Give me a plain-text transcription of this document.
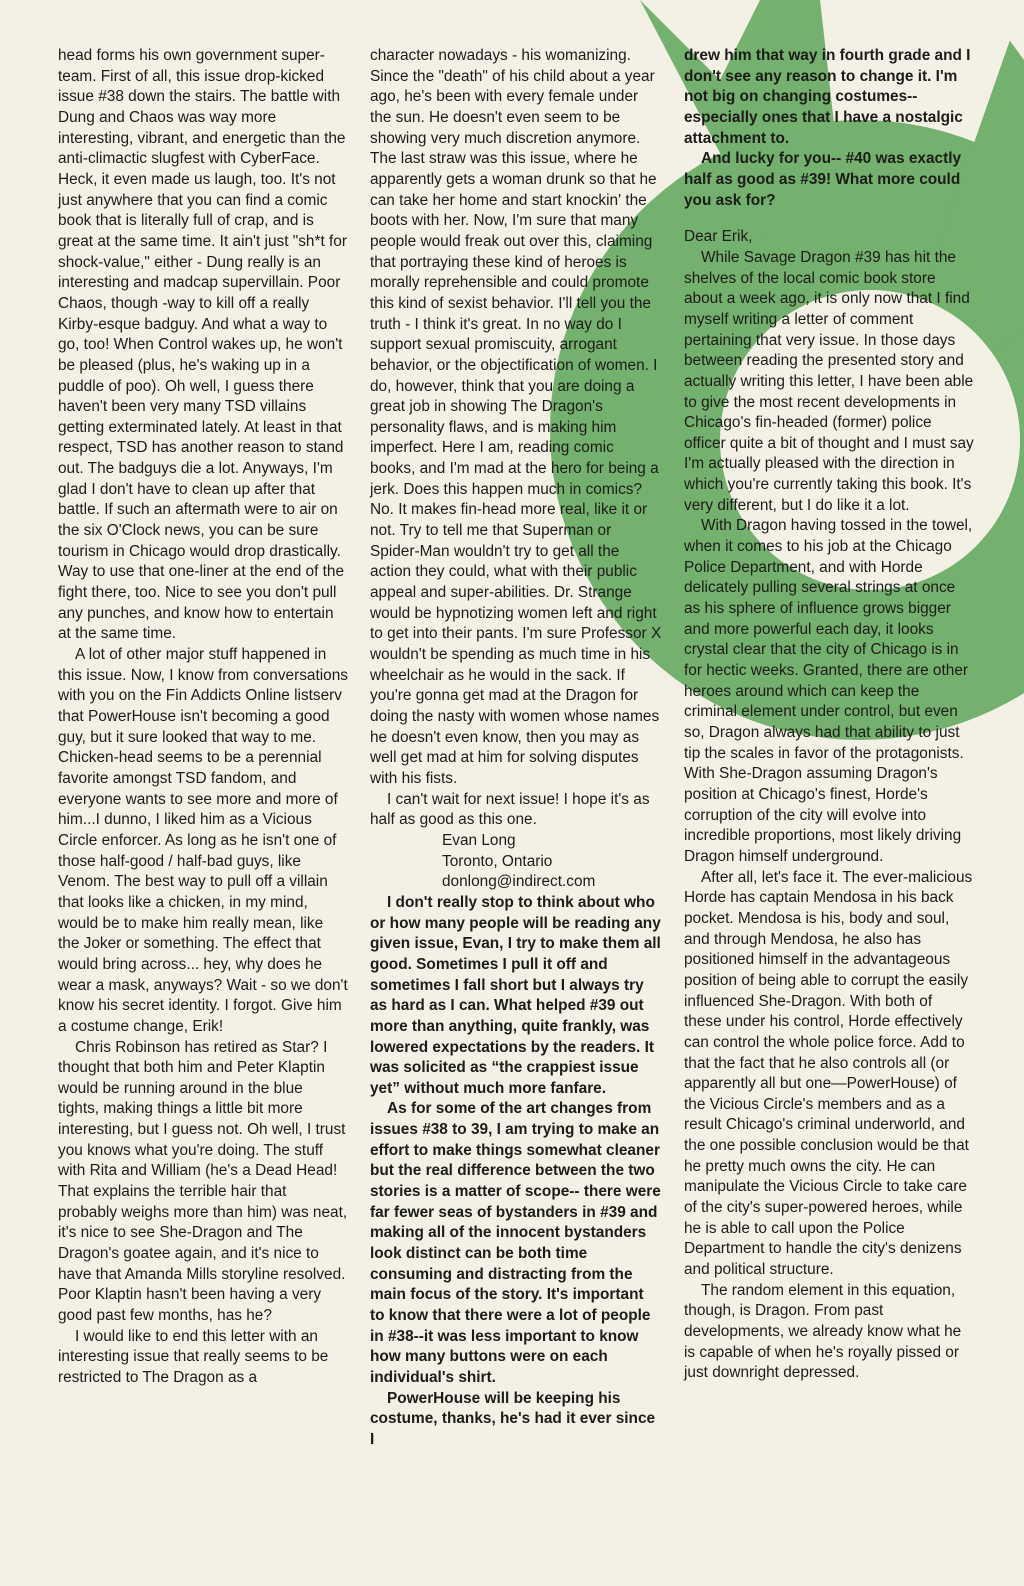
head forms his own government super-team. First of all, this issue drop-kicked issue #38 down the stairs. The battle with Dung and Chaos was way more interesting, vibrant, and energetic than the anti-climactic slugfest with CyberFace. Heck, it even made us laugh, too. It's not just anywhere that you can find a comic book that is literally full of crap, and is great at the same time. It ain't just "sh*t for shock-value," either - Dung really is an interesting and madcap supervillain. Poor Chaos, though -way to kill off a really Kirby-esque badguy. And what a way to go, too! When Control wakes up, he won't be pleased (plus, he's waking up in a puddle of poo). Oh well, I guess there haven't been very many TSD villains getting exterminated lately. At least in that respect, TSD has another reason to stand out. The badguys die a lot. Anyways, I'm glad I don't have to clean up after that battle. If such an aftermath were to air on the six O'Clock news, you can be sure tourism in Chicago would drop drastically. Way to use that one-liner at the end of the fight there, too. Nice to see you don't pull any punches, and know how to entertain at the same time.

A lot of other major stuff happened in this issue. Now, I know from conversations with you on the Fin Addicts Online listserv that PowerHouse isn't becoming a good guy, but it sure looked that way to me. Chicken-head seems to be a perennial favorite amongst TSD fandom, and everyone wants to see more and more of him...I dunno, I liked him as a Vicious Circle enforcer. As long as he isn't one of those half-good / half-bad guys, like Venom. The best way to pull off a villain that looks like a chicken, in my mind, would be to make him really mean, like the Joker or something. The effect that would bring across... hey, why does he wear a mask, anyways? Wait - so we don't know his secret identity. I forgot. Give him a costume change, Erik!

Chris Robinson has retired as Star? I thought that both him and Peter Klaptin would be running around in the blue tights, making things a little bit more interesting, but I guess not. Oh well, I trust you knows what you're doing. The stuff with Rita and William (he's a Dead Head! That explains the terrible hair that probably weighs more than him) was neat, it's nice to see She-Dragon and The Dragon's goatee again, and it's nice to have that Amanda Mills storyline resolved. Poor Klaptin hasn't been having a very good past few months, has he?

I would like to end this letter with an interesting issue that really seems to be restricted to The Dragon as a

character nowadays - his womanizing. Since the "death" of his child about a year ago, he's been with every female under the sun. He doesn't even seem to be showing very much discretion anymore. The last straw was this issue, where he apparently gets a woman drunk so that he can take her home and start knockin' the boots with her. Now, I'm sure that many people would freak out over this, claiming that portraying these kind of heroes is morally reprehensible and could promote this kind of sexist behavior. I'll tell you the truth - I think it's great. In no way do I support sexual promiscuity, arrogant behavior, or the objectification of women. I do, however, think that you are doing a great job in showing The Dragon's personality flaws, and is making him imperfect. Here I am, reading comic books, and I'm mad at the hero for being a jerk. Does this happen much in comics? No. It makes fin-head more real, like it or not. Try to tell me that Superman or Spider-Man wouldn't try to get all the action they could, what with their public appeal and super-abilities. Dr. Strange would be hypnotizing women left and right to get into their pants. I'm sure Professor X wouldn't be spending as much time in his wheelchair as he would in the sack. If you're gonna get mad at the Dragon for doing the nasty with women whose names he doesn't even know, then you may as well get mad at him for solving disputes with his fists.

I can't wait for next issue! I hope it's as half as good as this one.

Evan Long

Toronto, Ontario

donlong@indirect.com

I don't really stop to think about who or how many people will be reading any given issue, Evan, I try to make them all good. Sometimes I pull it off and sometimes I fall short but I always try as hard as I can. What helped #39 out more than anything, quite frankly, was lowered expectations by the readers. It was solicited as “the crappiest issue yet” without much more fanfare.

As for some of the art changes from issues #38 to 39, I am trying to make an effort to make things somewhat cleaner but the real difference between the two stories is a matter of scope-- there were far fewer seas of bystanders in #39 and making all of the innocent bystanders look distinct can be both time consuming and distracting from the main focus of the story. It's important to know that there were a lot of people in #38--it was less important to know how many buttons were on each individual's shirt.

PowerHouse will be keeping his costume, thanks, he's had it ever since I

drew him that way in fourth grade and I don't see any reason to change it. I'm not big on changing costumes-- especially ones that I have a nostalgic attachment to.

And lucky for you-- #40 was exactly half as good as #39! What more could you ask for?

Dear Erik,

While Savage Dragon #39 has hit the shelves of the local comic book store about a week ago, it is only now that I find myself writing a letter of comment pertaining that very issue. In those days between reading the presented story and actually writing this letter, I have been able to give the most recent developments in Chicago's fin-headed (former) police officer quite a bit of thought and I must say I'm actually pleased with the direction in which you're currently taking this book. It's very different, but I do like it a lot.

With Dragon having tossed in the towel, when it comes to his job at the Chicago Police Department, and with Horde delicately pulling several strings at once as his sphere of influence grows bigger and more powerful each day, it looks crystal clear that the city of Chicago is in for hectic weeks. Granted, there are other heroes around which can keep the criminal element under control, but even so, Dragon always had that ability to just tip the scales in favor of the protagonists. With She-Dragon assuming Dragon's position at Chicago's finest, Horde's corruption of the city will evolve into incredible proportions, most likely driving Dragon himself underground.

After all, let's face it. The ever-malicious Horde has captain Mendosa in his back pocket. Mendosa is his, body and soul, and through Mendosa, he also has positioned himself in the advantageous position of being able to corrupt the easily influenced She-Dragon. With both of these under his control, Horde effectively can control the whole police force. Add to that the fact that he also controls all (or apparently all but one—PowerHouse) of the Vicious Circle's members and as a result Chicago's criminal underworld, and the one possible conclusion would be that he pretty much owns the city. He can manipulate the Vicious Circle to take care of the city's super-powered heroes, while he is able to call upon the Police Department to handle the city's denizens and political structure.

The random element in this equation, though, is Dragon. From past developments, we already know what he is capable of when he's royally pissed or just downright depressed.
